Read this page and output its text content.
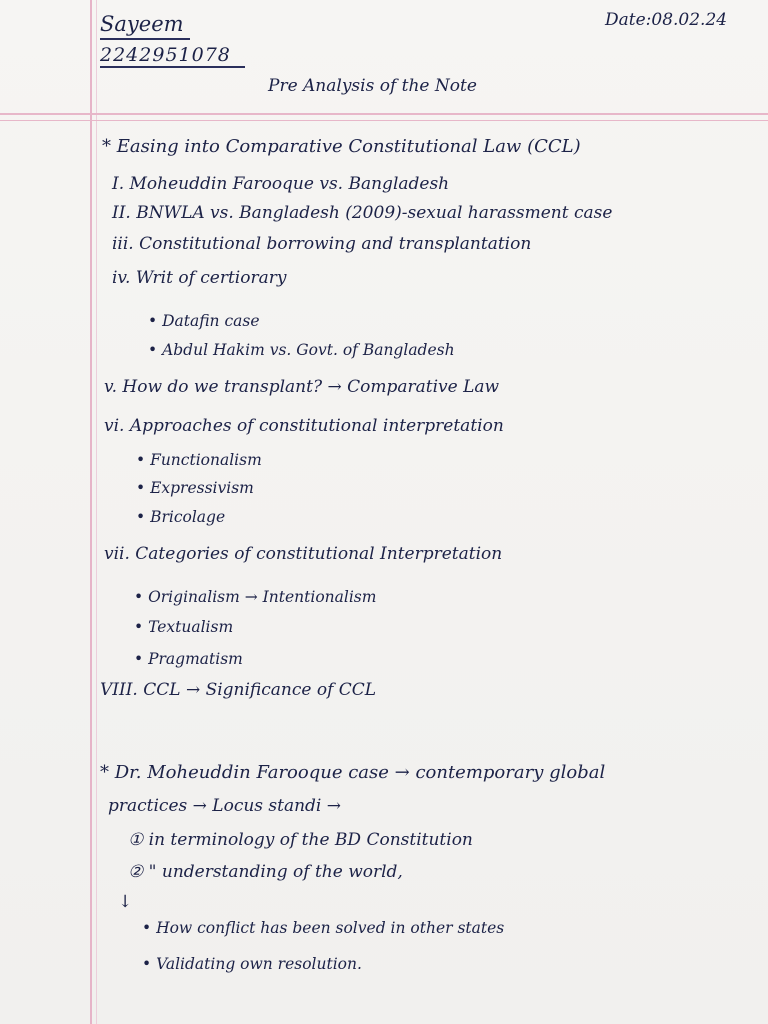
Sayeem
2242951078
Date:08.02.24
Pre Analysis of the Note
* Easing into Comparative Constitutional Law (CCL)
I. Moheuddin Farooque vs. Bangladesh
II. BNWLA vs. Bangladesh (2009)-sexual harassment case
iii. Constitutional borrowing and transplantation
iv. Writ of certiorary
• Datafin case
• Abdul Hakim vs. Govt. of Bangladesh
v. How do we transplant? → Comparative Law
vi. Approaches of constitutional interpretation
• Functionalism
• Expressivism
• Bricolage
vii. Categories of constitutional Interpretation
• Originalism → Intentionalism
• Textualism
• Pragmatism
VIII. CCL → Significance of CCL
* Dr. Moheuddin Farooque case → contemporary global
practices → Locus standi →
① in terminology of the BD Constitution
② " understanding of the world,
↓
• How conflict has been solved in other states
• Validating own resolution.
